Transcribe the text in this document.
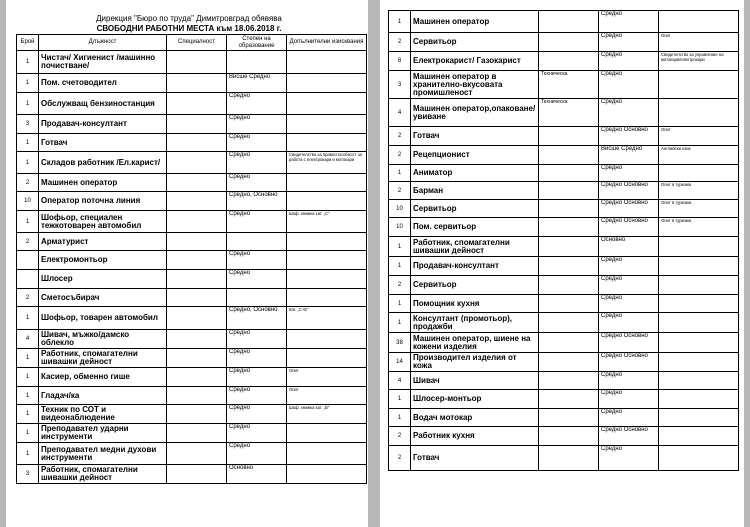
Дирекция "Бюро по труда" Димитровград обявява
СВОБОДНИ РАБОТНИ МЕСТА към 18.06.2018 г.
Брой	Длъжност	Специалност	Степен на образование	Допълнителни изисквания
1	Чистач/ Хигиенист /машинно почистване/			
1	Пом. счетоводител		Висше Средно	
1	Обслужващ бензиностанция		Средно	
3	Продавач-консултант		Средно	
1	Готвач		Средно	
1	Складов работник /Ел.карист/		Средно	Свидетелство за правоспособност за работа с електрокари и мотокари
2	Машинен оператор		Средно	
10	Оператор поточна линия		Средно, Основно	
1	Шофьор, специален тежкотоварен автомобил		Средно	Шоф. книжка кат. „С"
2	Арматурист			
	Електромонтьор		Средно	
	Шлосер		Средно	
2	Сметосъбирач			
1	Шофьор, товарен автомобил		Средно, Основно	Кат. „С+Е"
4	Шивач, мъжко/дамско облекло		Средно	
1	Работник, спомагателни шивашки дейност		Средно	
1	Касиер, обменно гише		Средно	Опит
1	Гладач/ка		Средно	Опит
1	Техник по СОТ и видеонаблюдение		Средно	Шоф. книжка кат. „В"
1	Преподавател ударни инструменти		Средно	
1	Преподавател медни духови инструменти		Средно	
3	Работник, спомагателни шивашки дейност		Основно	
1	Машинен оператор		Средно	
2	Сервитьор		Средно	Опит
8	Електрокарист/ Газокарист		Средно	Свидетелство за управление на мотокари/електрокари
3	Машинен оператор в хранително-вкусовата промишленост	Техническа	Средно	
4	Машинен оператор,опаковане/ увиване	Техническа	Средно	
2	Готвач		Средно Основно	Опит
2	Рецепционист		Висше Средно	Английски език
1	Аниматор		Средно	
2	Барман		Средно Основно	Опит в туризма
10	Сервитьор		Средно Основно	Опит в туризма
10	Пом. сервитьор		Средно Основно	Опит в туризма
1	Работник, спомагателни шивашки дейност		Основно	
1	Продавач-консултант		Средно	
2	Сервитьор		Средно	
1	Помощник кухня		Средно	
1	Консултант (промотьор), продажби		Средно	
38	Машинен оператор, шиене на кожени изделия		Средно Основно	
14	Производител изделия от кожа		Средно Основно	
4	Шивач		Средно	
1	Шлосер-монтьор		Средно	
1	Водач мотокар		Средно	
2	Работник кухня		Средно Основно	
2	Готвач		Средно	
